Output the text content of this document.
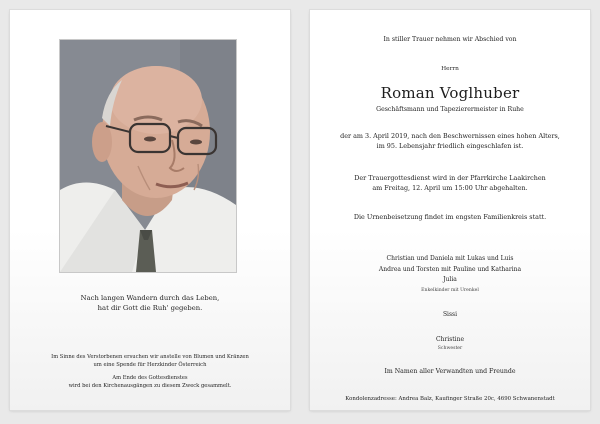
Nach langen Wandern durch das Leben,
hat dir Gott die Ruh' gegeben.
Im Sinne des Verstorbenen ersuchen wir anstelle von Blumen und Kränzen
um eine Spende für Herzkinder Österreich
Am Ende des Gottesdienstes
wird bei den Kirchenausgängen zu diesem Zweck gesammelt.
In stiller Trauer nehmen wir Abschied von
Herrn
Roman Voglhuber
Geschäftsmann und Tapezierermeister in Ruhe
der am 3. April 2019, nach den Beschwernissen eines hohen Alters,
im 95. Lebensjahr friedlich eingeschlafen ist.
Der Trauergottesdienst wird in der Pfarrkirche Laakirchen
am Freitag, 12. April um 15:00 Uhr abgehalten.
Die Urnenbeisetzung findet im engsten Familienkreis statt.
Christian und Daniela mit Lukas und Luis
Andrea und Torsten mit Pauline und Katharina
Julia
Enkelkinder mit Urenkel
Sissi
Christine
Schwester
Im Namen aller Verwandten und Freunde
Kondolenzadresse: Andrea Balz, Kaufinger Straße 20c, 4690 Schwanenstadt
